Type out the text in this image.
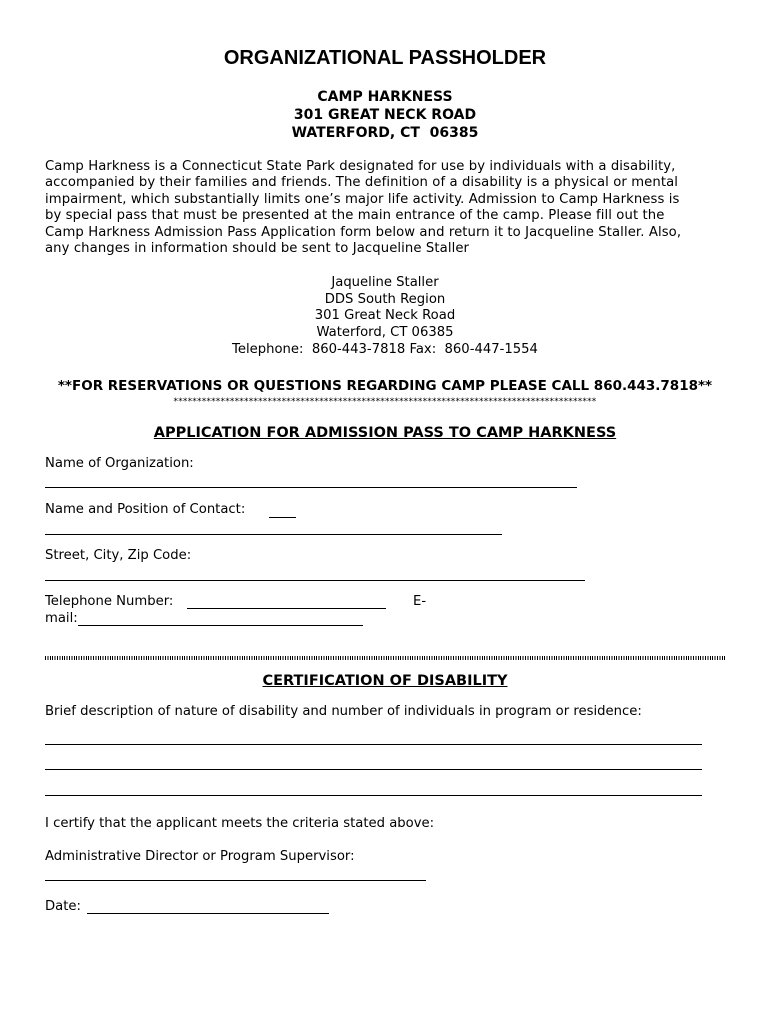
ORGANIZATIONAL PASSHOLDER
CAMP HARKNESS
301 GREAT NECK ROAD
WATERFORD, CT  06385
Camp Harkness is a Connecticut State Park designated for use by individuals with a disability,
accompanied by their families and friends. The definition of a disability is a physical or mental
impairment, which substantially limits one’s major life activity. Admission to Camp Harkness is
by special pass that must be presented at the main entrance of the camp. Please fill out the
Camp Harkness Admission Pass Application form below and return it to Jacqueline Staller. Also,
any changes in information should be sent to Jacqueline Staller
Jaqueline Staller
DDS South Region
301 Great Neck Road
Waterford, CT 06385
Telephone:  860-443-7818 Fax:  860-447-1554
**FOR RESERVATIONS OR QUESTIONS REGARDING CAMP PLEASE CALL 860.443.7818**
******************************************************************************************
APPLICATION FOR ADMISSION PASS TO CAMP HARKNESS
Name of Organization:
Name and Position of Contact:
Street, City, Zip Code:
Telephone Number:	E-
mail:
CERTIFICATION OF DISABILITY
Brief description of nature of disability and number of individuals in program or residence:
I certify that the applicant meets the criteria stated above:
Administrative Director or Program Supervisor:
Date:
